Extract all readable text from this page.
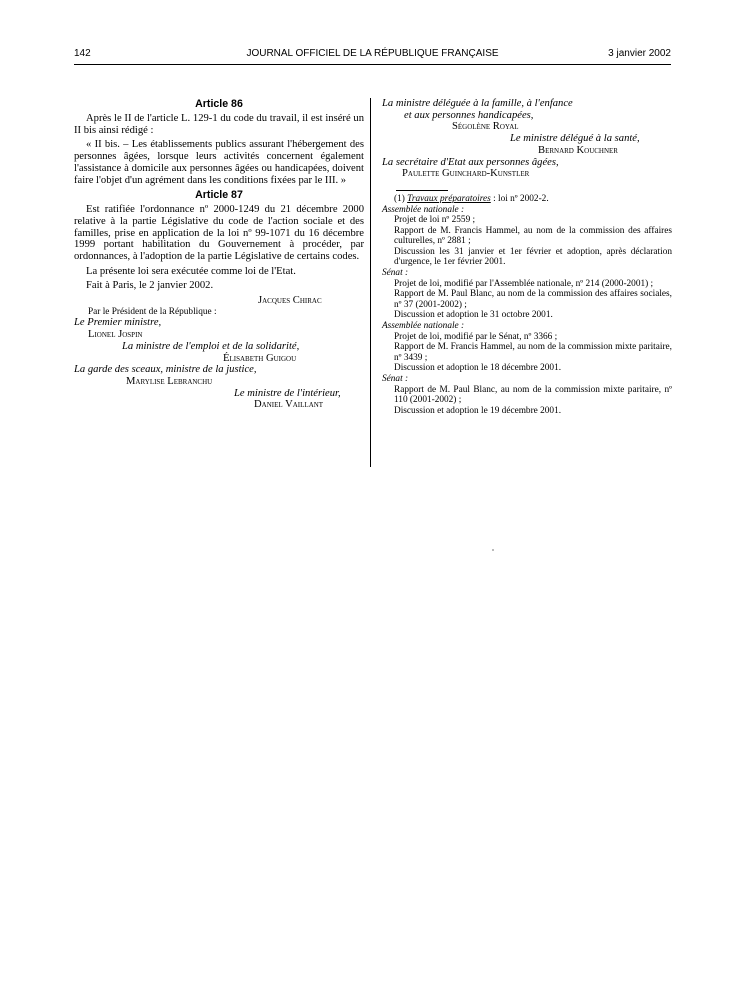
142	JOURNAL OFFICIEL DE LA RÉPUBLIQUE FRANÇAISE	3 janvier 2002
Article 86

Après le II de l'article L. 129-1 du code du travail, il est inséré un II bis ainsi rédigé :

« II bis. – Les établissements publics assurant l'hébergement des personnes âgées, lorsque leurs activités concernent également l'assistance à domicile aux personnes âgées ou handicapées, doivent faire l'objet d'un agrément dans les conditions fixées par le III. »

Article 87

Est ratifiée l'ordonnance nº 2000-1249 du 21 décembre 2000 relative à la partie Législative du code de l'action sociale et des familles, prise en application de la loi nº 99-1071 du 16 décembre 1999 portant habilitation du Gouvernement à procéder, par ordonnances, à l'adoption de la partie Législative de certains codes.

La présente loi sera exécutée comme loi de l'Etat.

Fait à Paris, le 2 janvier 2002.

Jacques Chirac
Par le Président de la République :
Le Premier ministre,
Lionel Jospin
La ministre de l'emploi et de la solidarité,
Élisabeth Guigou
La garde des sceaux, ministre de la justice,
Marylise Lebranchu
Le ministre de l'intérieur,
Daniel Vaillant
La ministre déléguée à la famille, à l'enfance
et aux personnes handicapées,
Ségolène Royal
Le ministre délégué à la santé,
Bernard Kouchner
La secrétaire d'Etat aux personnes âgées,
Paulette Guinchard-Kunstler

(1) Travaux préparatoires : loi nº 2002-2.

Assemblée nationale :

Projet de loi nº 2559 ;

Rapport de M. Francis Hammel, au nom de la commission des affaires culturelles, nº 2881 ;

Discussion les 31 janvier et 1er février et adoption, après déclaration d'urgence, le 1er février 2001.

Sénat :

Projet de loi, modifié par l'Assemblée nationale, nº 214 (2000-2001) ;

Rapport de M. Paul Blanc, au nom de la commission des affaires sociales, nº 37 (2001-2002) ;

Discussion et adoption le 31 octobre 2001.

Assemblée nationale :

Projet de loi, modifié par le Sénat, nº 3366 ;

Rapport de M. Francis Hammel, au nom de la commission mixte paritaire, nº 3439 ;

Discussion et adoption le 18 décembre 2001.

Sénat :

Rapport de M. Paul Blanc, au nom de la commission mixte paritaire, nº 110 (2001-2002) ;

Discussion et adoption le 19 décembre 2001.
